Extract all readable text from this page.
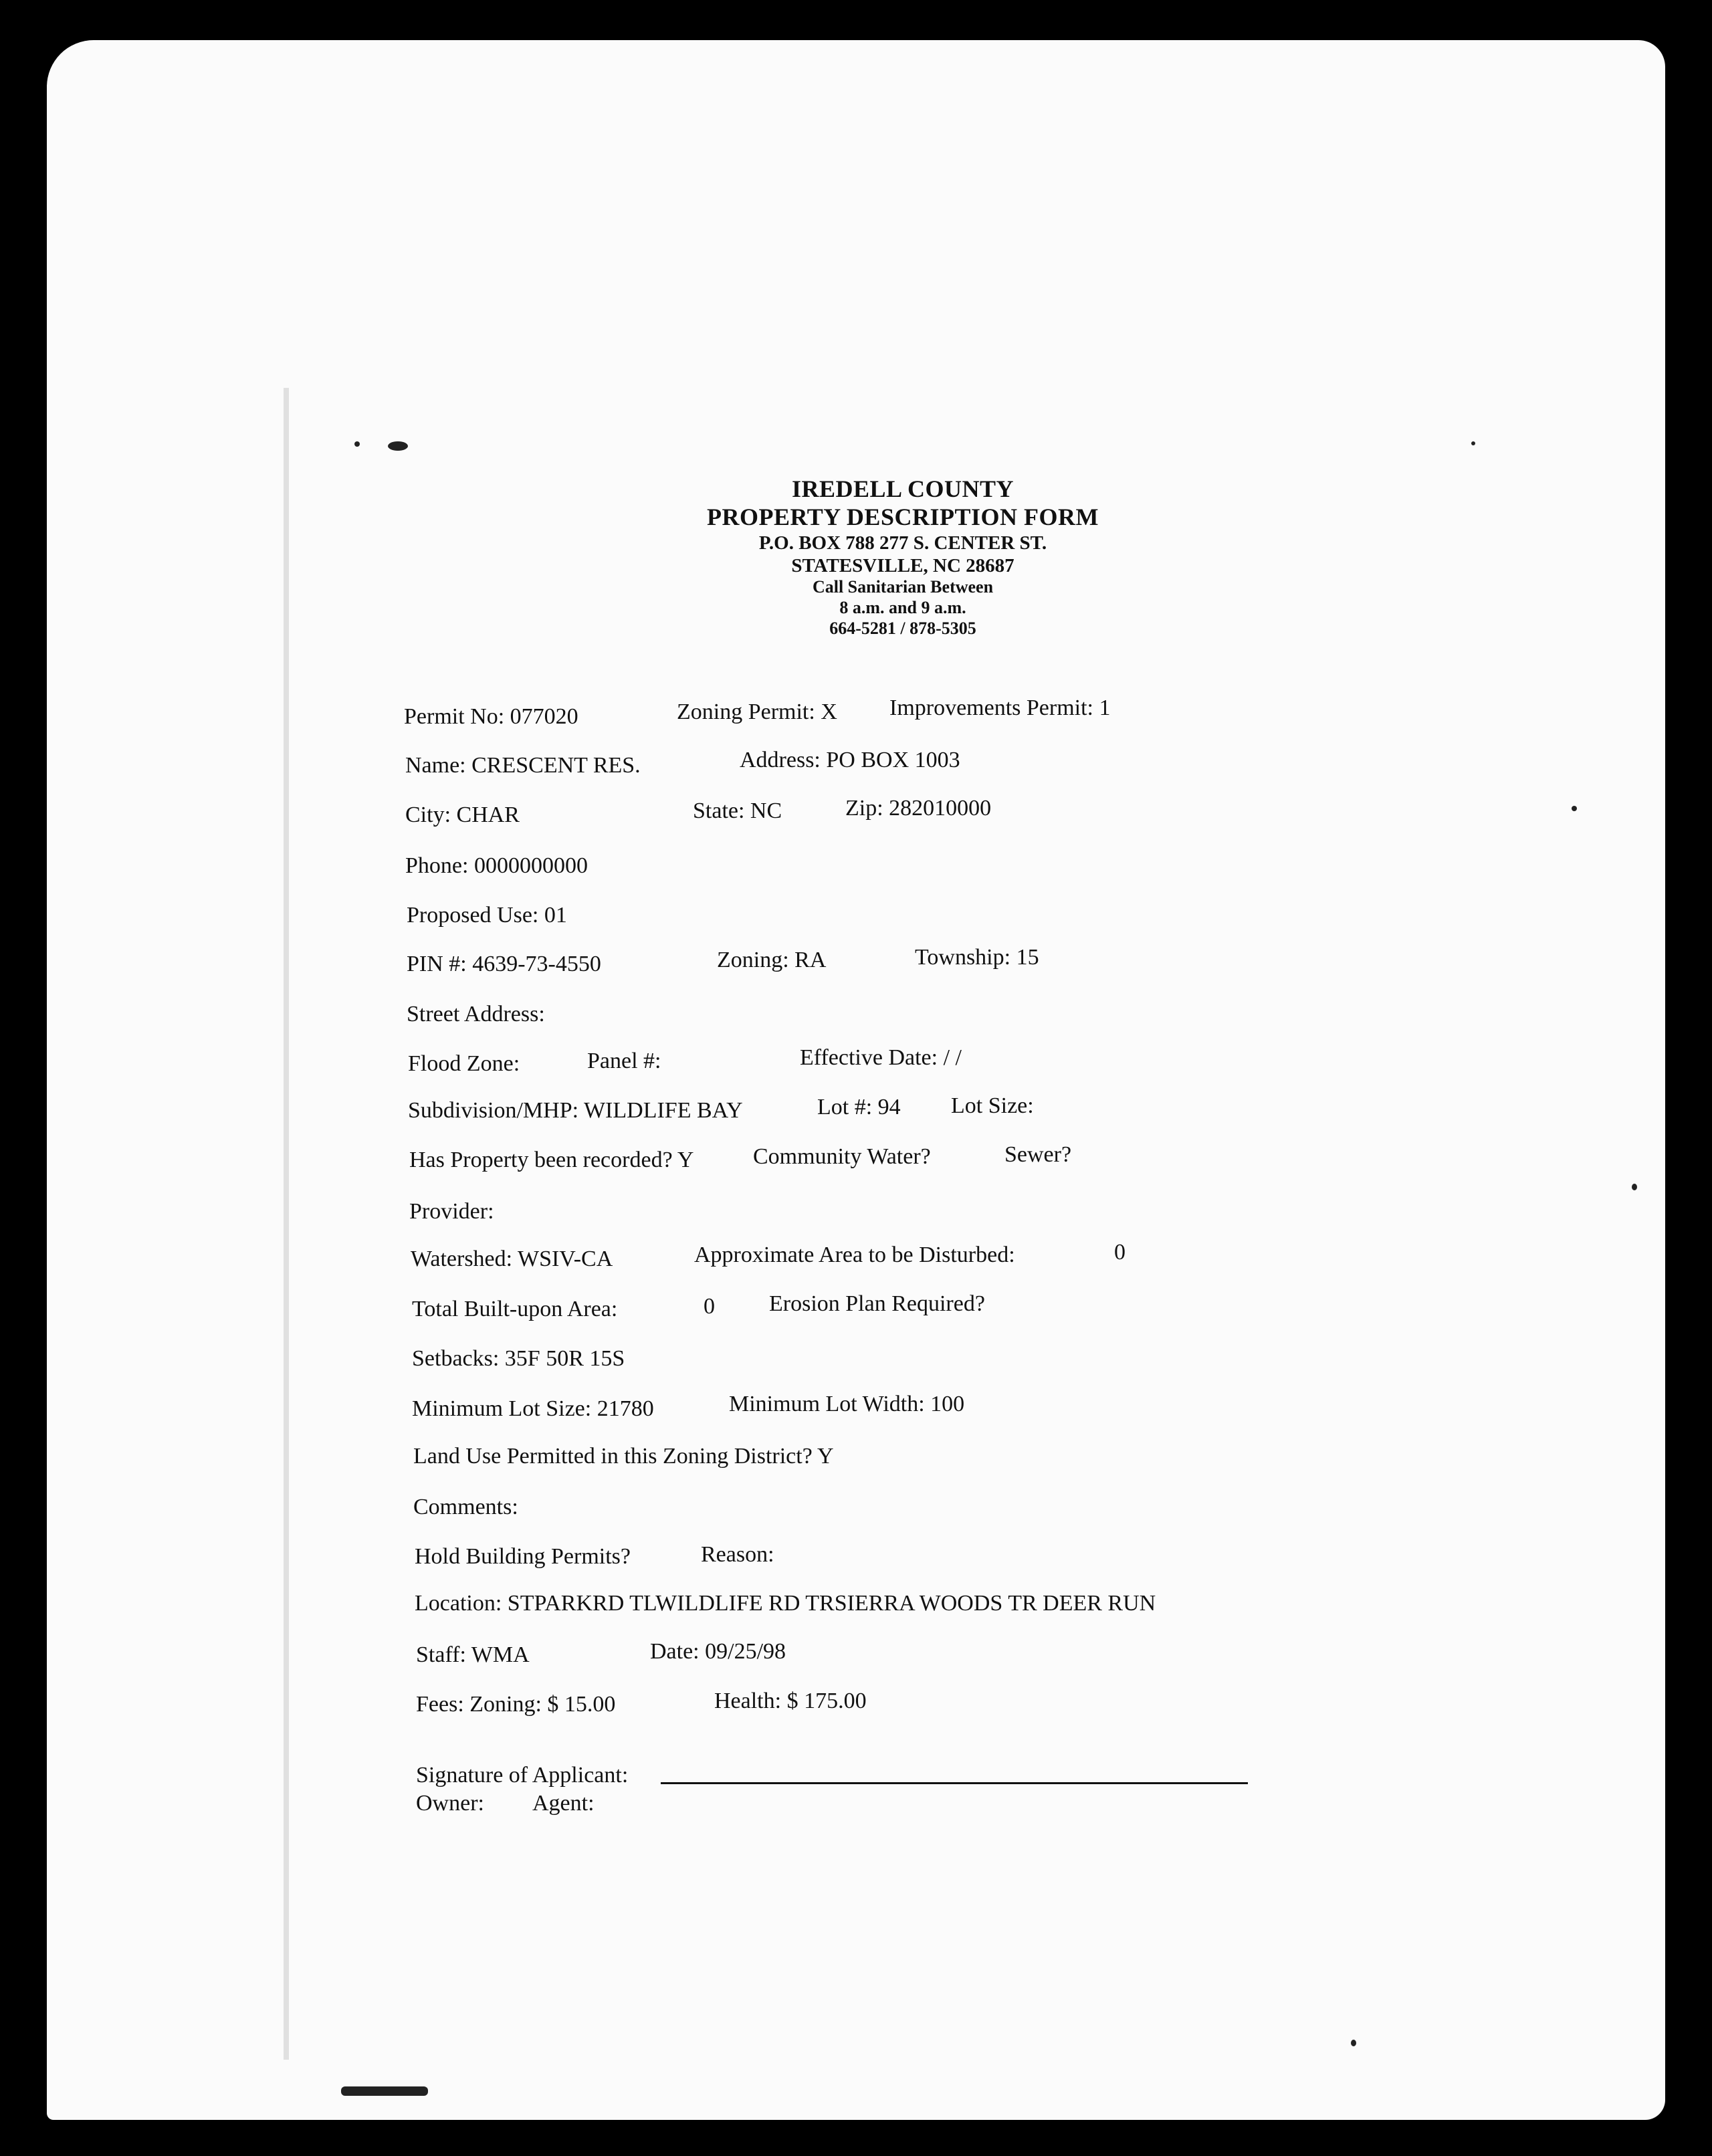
IREDELL COUNTY
PROPERTY DESCRIPTION FORM
P.O. BOX 788 277 S. CENTER ST.
STATESVILLE, NC 28687
Call Sanitarian Between
8 a.m. and 9 a.m.
664-5281 / 878-5305
Permit No: 077020	Zoning Permit: X Improvements Permit: 1
Name: CRESCENT RES.	Address: PO BOX 1003
City: CHAR	State: NC	Zip: 282010000
Phone: 0000000000
Proposed Use: 01
PIN #: 4639-73-4550	Zoning: RA	Township: 15
Street Address:
Flood Zone:	Panel #:	Effective Date: / /
Subdivision/MHP: WILDLIFE BAY	Lot #: 94 Lot Size:
Has Property been recorded? Y	Community Water?	Sewer?
Provider:
Watershed: WSIV-CA	Approximate Area to be Disturbed:	0
Total Built-upon Area:	0 Erosion Plan Required?
Setbacks: 35F 50R 15S
Minimum Lot Size: 21780	Minimum Lot Width: 100
Land Use Permitted in this Zoning District? Y
Comments:
Hold Building Permits?	Reason:
Location: STPARKRD TLWILDLIFE RD TRSIERRA WOODS TR DEER RUN
Staff: WMA	Date: 09/25/98
Fees: Zoning: $ 15.00	Health: $ 175.00
Signature of Applicant:
Owner: Agent:
